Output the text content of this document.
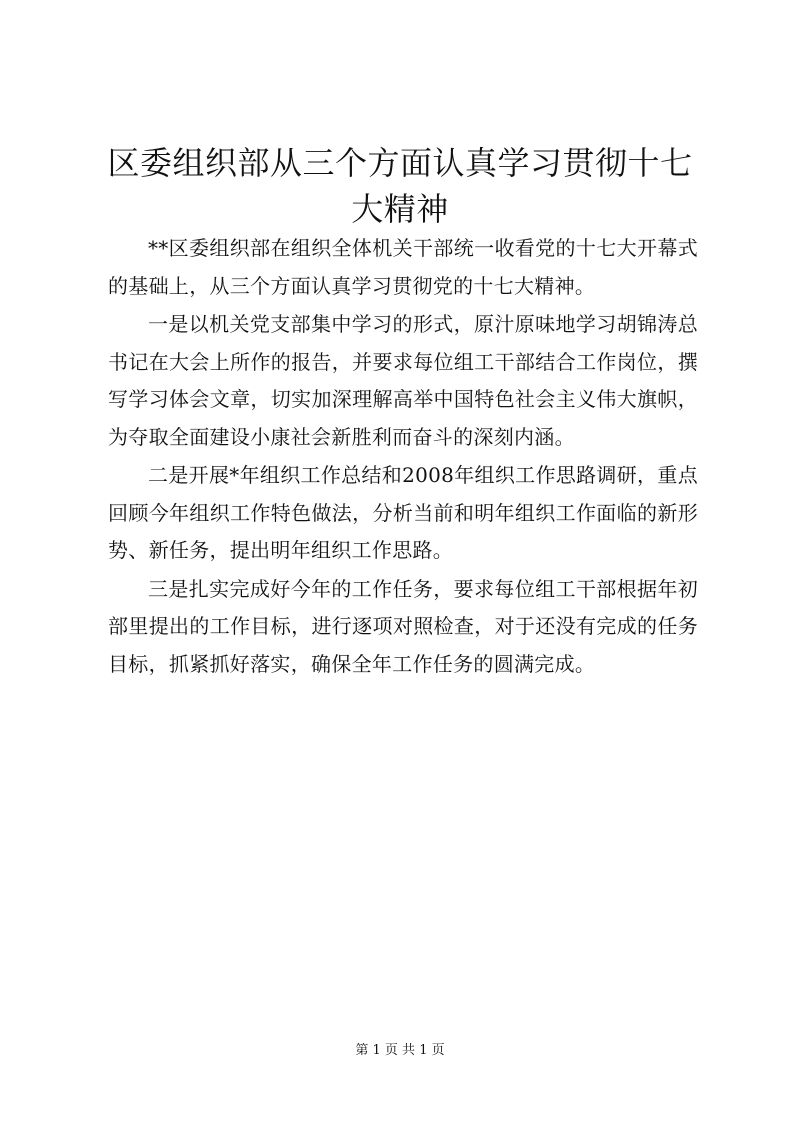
区委组织部从三个方面认真学习贯彻十七大精神

**区委组织部在组织全体机关干部统一收看党的十七大开幕式的基础上，从三个方面认真学习贯彻党的十七大精神。

一是以机关党支部集中学习的形式，原汁原味地学习胡锦涛总书记在大会上所作的报告，并要求每位组工干部结合工作岗位，撰写学习体会文章，切实加深理解高举中国特色社会主义伟大旗帜，为夺取全面建设小康社会新胜利而奋斗的深刻内涵。

二是开展*年组织工作总结和2008年组织工作思路调研，重点回顾今年组织工作特色做法，分析当前和明年组织工作面临的新形势、新任务，提出明年组织工作思路。

三是扎实完成好今年的工作任务，要求每位组工干部根据年初部里提出的工作目标，进行逐项对照检查，对于还没有完成的任务目标，抓紧抓好落实，确保全年工作任务的圆满完成。

第 1 页 共 1 页
